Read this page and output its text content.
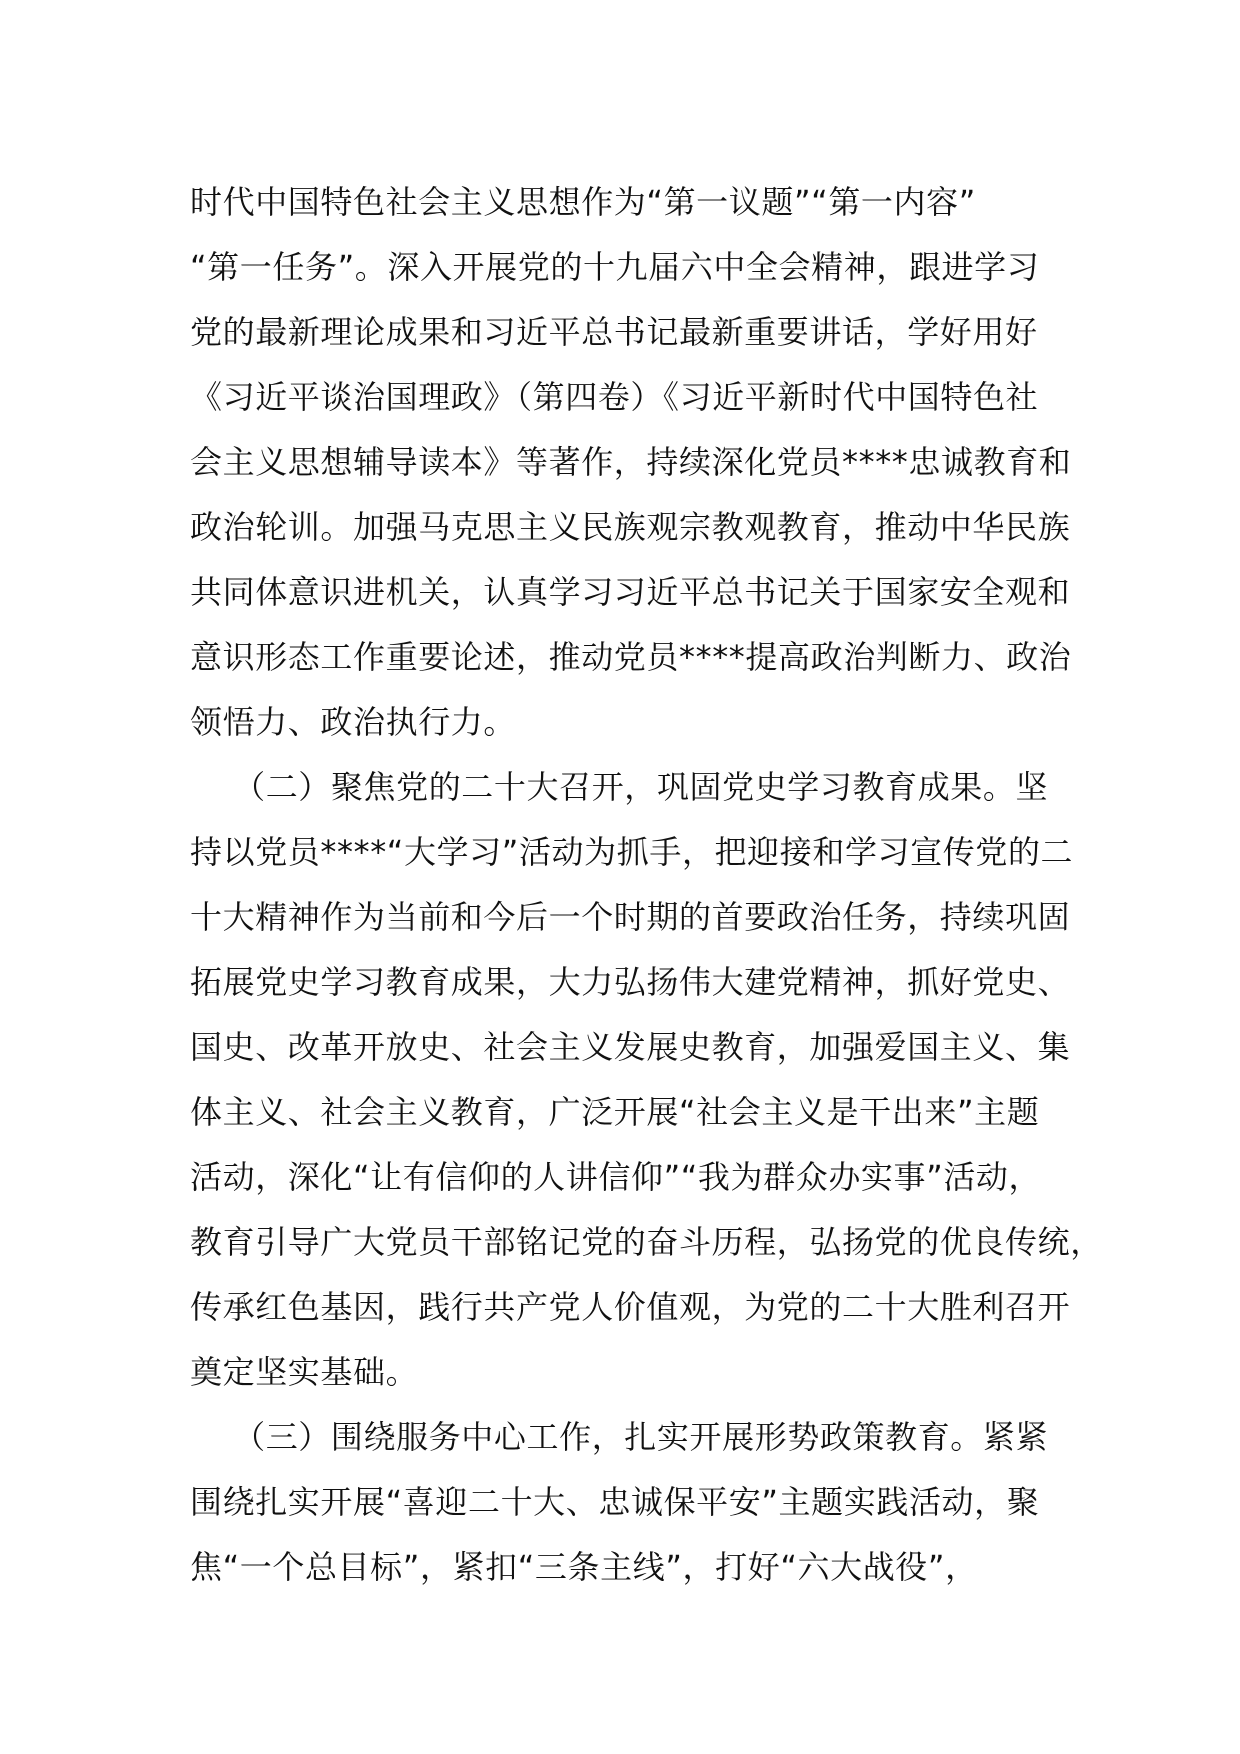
时代中国特色社会主义思想作为“第一议题”“第一内容”
“第一任务”。深入开展党的十九届六中全会精神，跟进学习
党的最新理论成果和习近平总书记最新重要讲话，学好用好
《习近平谈治国理政》（第四卷）《习近平新时代中国特色社
会主义思想辅导读本》等著作，持续深化党员****忠诚教育和
政治轮训。加强马克思主义民族观宗教观教育，推动中华民族
共同体意识进机关，认真学习习近平总书记关于国家安全观和
意识形态工作重要论述，推动党员****提高政治判断力、政治
领悟力、政治执行力。
（二）聚焦党的二十大召开，巩固党史学习教育成果。坚
持以党员****“大学习”活动为抓手，把迎接和学习宣传党的二
十大精神作为当前和今后一个时期的首要政治任务，持续巩固
拓展党史学习教育成果，大力弘扬伟大建党精神，抓好党史、
国史、改革开放史、社会主义发展史教育，加强爱国主义、集
体主义、社会主义教育，广泛开展“社会主义是干出来”主题
活动，深化“让有信仰的人讲信仰”“我为群众办实事”活动，
教育引导广大党员干部铭记党的奋斗历程，弘扬党的优良传统，
传承红色基因，践行共产党人价值观，为党的二十大胜利召开
奠定坚实基础。
（三）围绕服务中心工作，扎实开展形势政策教育。紧紧
围绕扎实开展“喜迎二十大、忠诚保平安”主题实践活动，聚
焦“一个总目标”，紧扣“三条主线”，打好“六大战役”，
